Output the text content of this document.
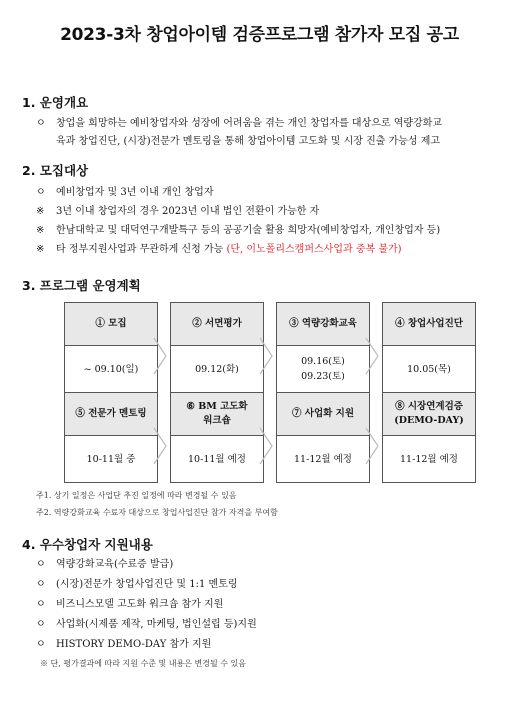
2023-3차 창업아이템 검증프로그램 참가자 모집 공고
1. 운영개요
ㅇ 창업을 희망하는 예비창업자와 성장에 어려움을 겪는 개인 창업자를 대상으로 역량강화교
육과 창업진단, (시장)전문가 멘토링을 통해 창업아이템 고도화 및 시장 진출 가능성 제고
2. 모집대상
ㅇ 예비창업자 및 3년 이내 개인 창업자
※ 3년 이내 창업자의 경우 2023년 이내 법인 전환이 가능한 자
※ 한남대학교 및 대덕연구개발특구 등의 공공기술 활용 희망자(예비창업자, 개인창업자 등)
※ 타 정부지원사업과 무관하게 신청 가능 (단, 이노폴리스캠퍼스사업과 중복 불가)
3. 프로그램 운영계획
① 모집
~ 09.10(일)
② 서면평가
09.12(화)
③ 역량강화교육
09.16(토)
09.23(토)
④ 창업사업진단
10.05(목)
⑤ 전문가 멘토링
10-11월 중
⑥ BM 고도화
워크숍
10-11월 예정
⑦ 사업화 지원
11-12월 예정
⑧ 시장연계검증
(DEMO-DAY)
11-12월 예정
주1. 상기 일정은 사업단 추진 일정에 따라 변경될 수 있음
주2. 역량강화교육 수료자 대상으로 창업사업진단 참가 자격을 부여함
4. 우수창업자 지원내용
ㅇ 역량강화교육(수료증 발급)
ㅇ (시장)전문가 창업사업진단 및 1:1 멘토링
ㅇ 비즈니스모델 고도화 워크숍 참가 지원
ㅇ 사업화(시제품 제작, 마케팅, 법인설립 등)지원
ㅇ HISTORY DEMO-DAY 참가 지원
※ 단, 평가결과에 따라 지원 수준 및 내용은 변경될 수 있음
